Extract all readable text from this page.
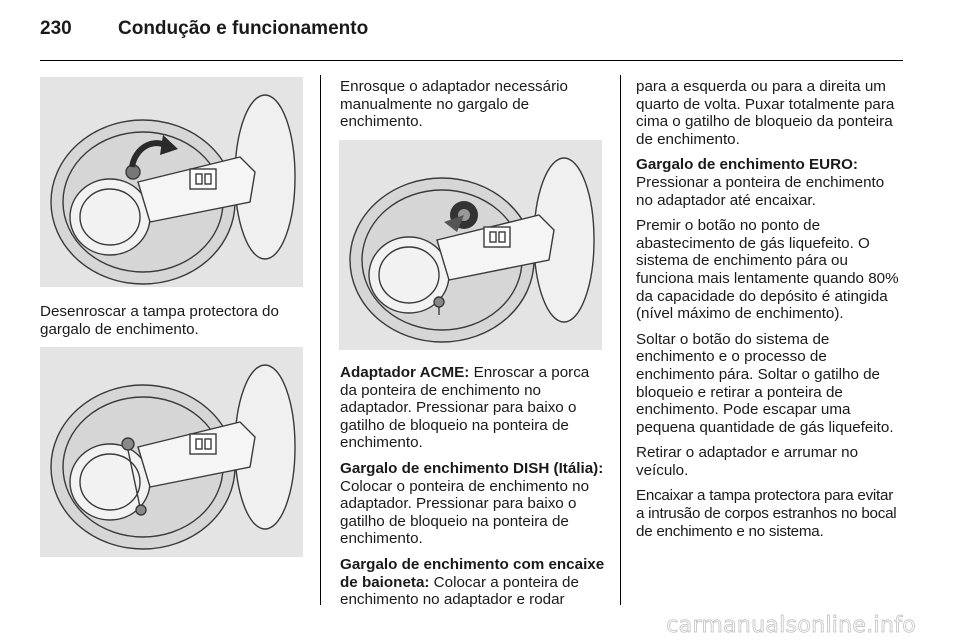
230	Condução e funcionamento

Desenroscar a tampa protectora do gargalo de enchimento.

Enrosque o adaptador necessário manualmente no gargalo de enchimento.

Adaptador ACME: Enroscar a porca da ponteira de enchimento no adaptador. Pressionar para baixo o gatilho de bloqueio na ponteira de enchimento.

Gargalo de enchimento DISH (Itália): Colocar o ponteira de enchimento no adaptador. Pressionar para baixo o gatilho de bloqueio na ponteira de enchimento.

Gargalo de enchimento com encaixe de baioneta: Colocar a ponteira de enchimento no adaptador e rodar

para a esquerda ou para a direita um quarto de volta. Puxar totalmente para cima o gatilho de bloqueio da ponteira de enchimento.

Gargalo de enchimento EURO:
Pressionar a ponteira de enchimento no adaptador até encaixar.

Premir o botão no ponto de abastecimento de gás liquefeito. O sistema de enchimento pára ou funciona mais lentamente quando 80% da capacidade do depósito é atingida (nível máximo de enchimento).

Soltar o botão do sistema de enchimento e o processo de enchimento pára. Soltar o gatilho de bloqueio e retirar a ponteira de enchimento. Pode escapar uma pequena quantidade de gás liquefeito.

Retirar o adaptador e arrumar no veículo.

Encaixar a tampa protectora para evitar a intrusão de corpos estranhos no bocal de enchimento e no sistema.

carmanualsonline.info
